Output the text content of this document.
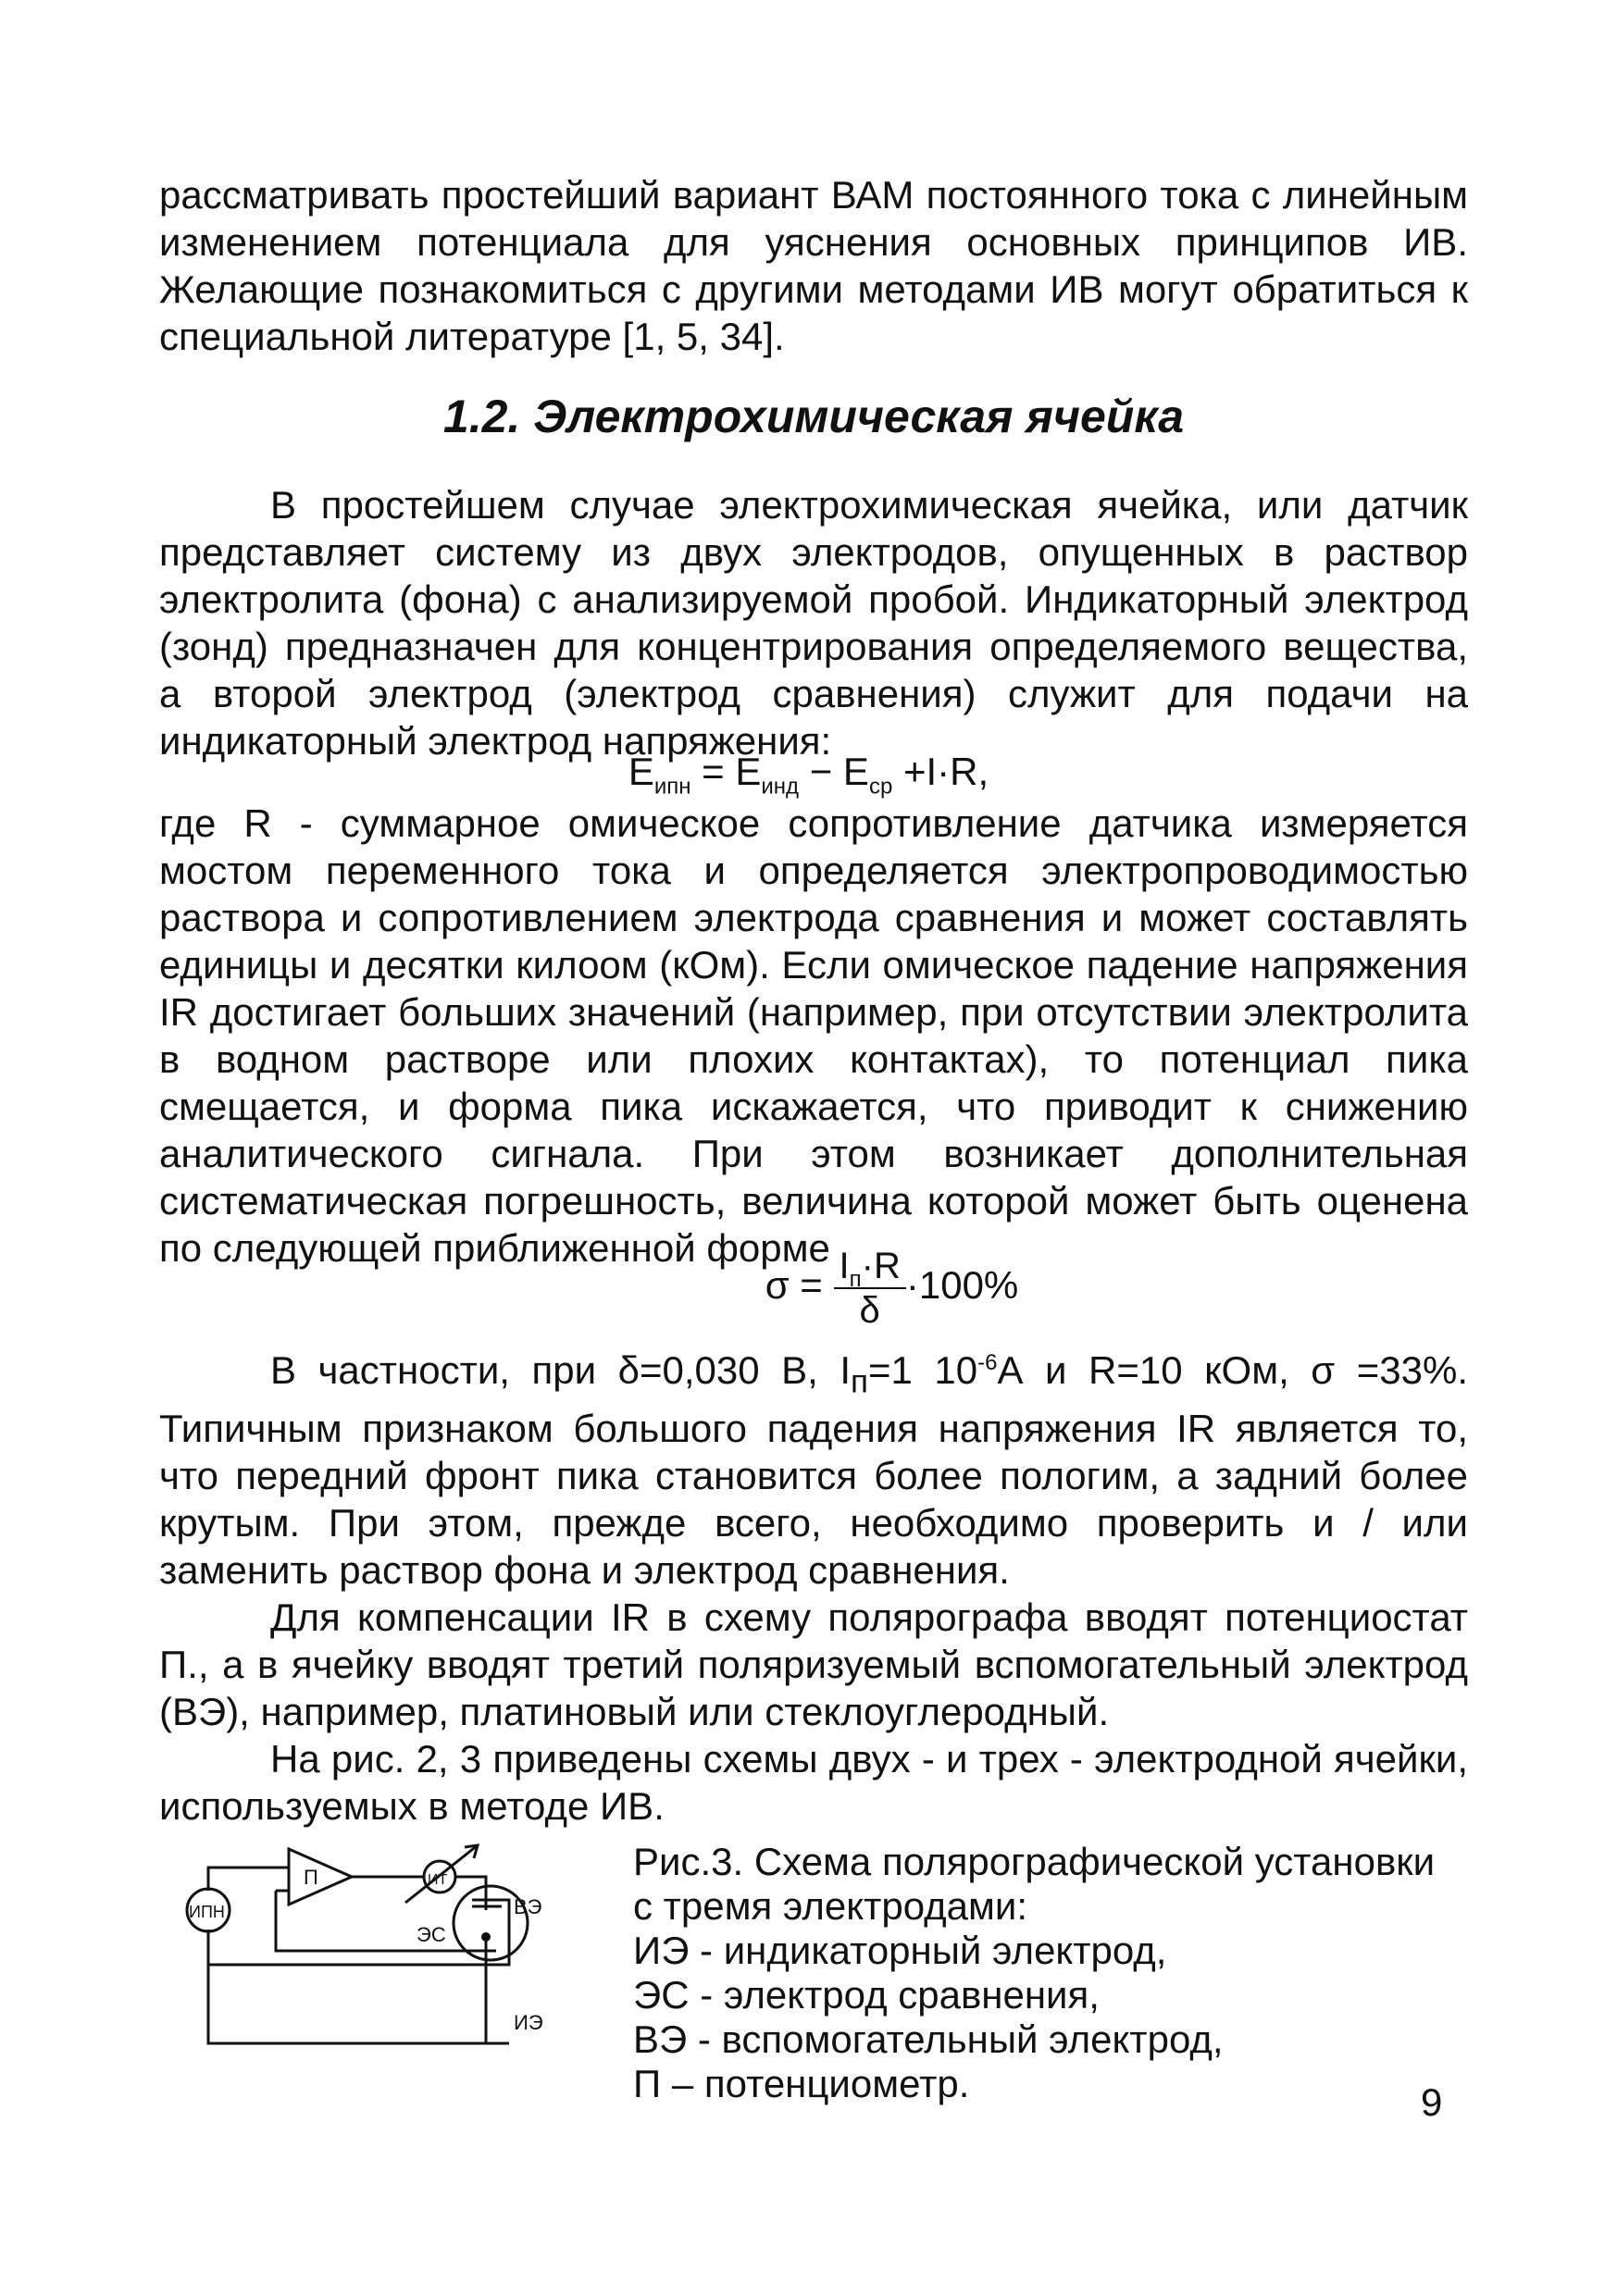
рассматривать простейший вариант ВАМ постоянного тока с линейным изменением потенциала для уяснения основных принципов ИВ. Желающие познакомиться с другими методами ИВ могут обратиться к специальной литературе [1, 5, 34].

1.2. Электрохимическая ячейка

В простейшем случае электрохимическая ячейка, или датчик представляет систему из двух электродов, опущенных в раствор электролита (фона) с анализируемой пробой. Индикаторный электрод (зонд) предназначен для концентрирования определяемого вещества, а второй электрод (электрод сравнения) служит для подачи на индикаторный электрод напряжения:

$E_{ипн} = E_{инд} - E_{ср} +I\cdot R$,

где R - суммарное омическое сопротивление датчика измеряется мостом переменного тока и определяется электропроводимостью раствора и сопротивлением электрода сравнения и может составлять единицы и десятки килоом (кОм). Если омическое падение напряжения IR достигает больших значений (например, при отсутствии электролита в водном растворе или плохих контактах), то потенциал пика смещается, и форма пика искажается, что приводит к снижению аналитического сигнала. При этом возникает дополнительная систематическая погрешность, величина которой может быть оценена по следующей приближенной форме

$\sigma = \frac{I_п\cdot R}{\delta} \cdot 100\%$

В частности, при δ=0,030 В, $I_п=1$ $10^{-6}А$ и R=10 кОм, σ =33%. Типичным признаком большого падения напряжения IR является то, что передний фронт пика становится более пологим, а задний более крутым. При этом, прежде всего, необходимо проверить и / или заменить раствор фона и электрод сравнения.

Для компенсации IR в схему полярографа вводят потенциостат П., а в ячейку вводят третий поляризуемый вспомогательный электрод (ВЭ), например, платиновый или стеклоуглеродный.

На рис. 2, 3 приведены схемы двух - и трех - электродной ячейки, используемых в методе ИВ.

П	ИТ
ИПН	ВЭ
ЭС
ИЭ
Рис.3. Схема полярографической установки
с тремя электродами:
ИЭ - индикаторный электрод,
ЭС - электрод сравнения,
ВЭ - вспомогательный электрод,
П – потенциометр.	9
